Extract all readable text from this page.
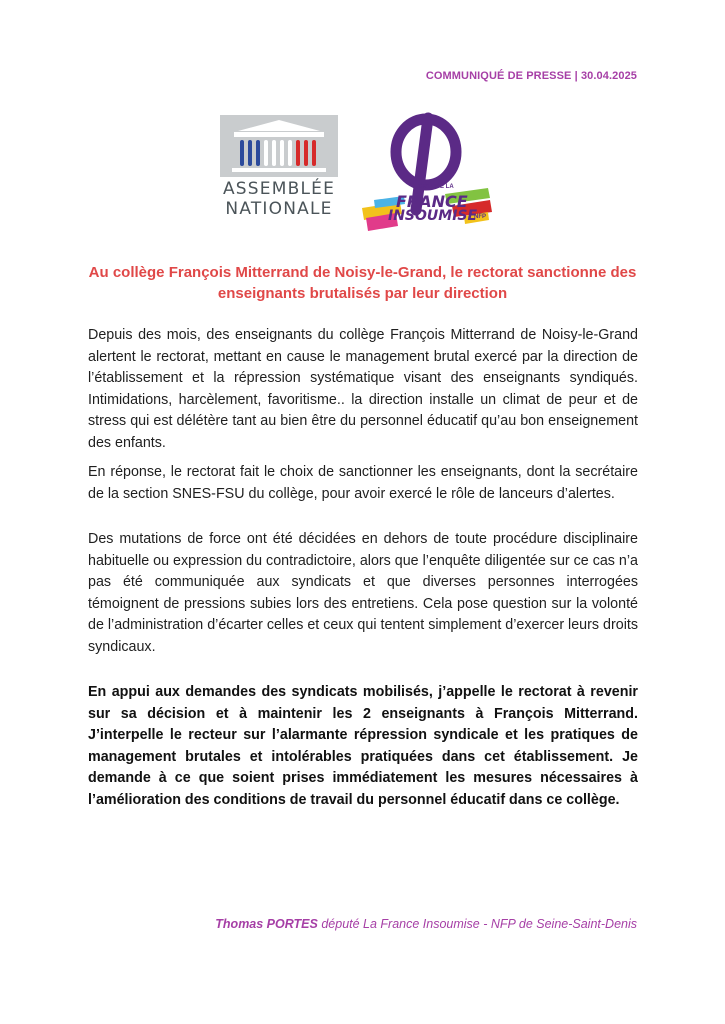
COMMUNIQUÉ DE PRESSE | 30.04.2025
ASSEMBLÉE
NATIONALE
GROUPE LA
FRANCE
INSOUMISE
NFP
Au collège François Mitterrand de Noisy-le-Grand, le rectorat sanctionne des enseignants brutalisés par leur direction

Depuis des mois, des enseignants du collège François Mitterrand de Noisy-le-Grand alertent le rectorat, mettant en cause le management brutal exercé par la direction de l’établissement et la répression systématique visant des enseignants syndiqués. Intimidations, harcèlement, favoritisme.. la direction installe un climat de peur et de stress qui est délétère tant au bien être du personnel éducatif qu’au bon enseignement des enfants.

En réponse, le rectorat fait le choix de sanctionner les enseignants, dont la secrétaire de la section SNES-FSU du collège, pour avoir exercé le rôle de lanceurs d’alertes.

Des mutations de force ont été décidées en dehors de toute procédure disciplinaire habituelle ou expression du contradictoire, alors que l’enquête diligentée sur ce cas n’a pas été communiquée aux syndicats et que diverses personnes interrogées témoignent de pressions subies lors des entretiens. Cela pose question sur la volonté de l’administration d’écarter celles et ceux qui tentent simplement d’exercer leurs droits syndicaux.

En appui aux demandes des syndicats mobilisés, j’appelle le rectorat à revenir sur sa décision et à maintenir les 2 enseignants à François Mitterrand. J’interpelle le recteur sur l’alarmante répression syndicale et les pratiques de management brutales et intolérables pratiquées dans cet établissement. Je demande à ce que soient prises immédiatement les mesures nécessaires à l’amélioration des conditions de travail du personnel éducatif dans ce collège.

Thomas PORTES député La France Insoumise - NFP de Seine-Saint-Denis
